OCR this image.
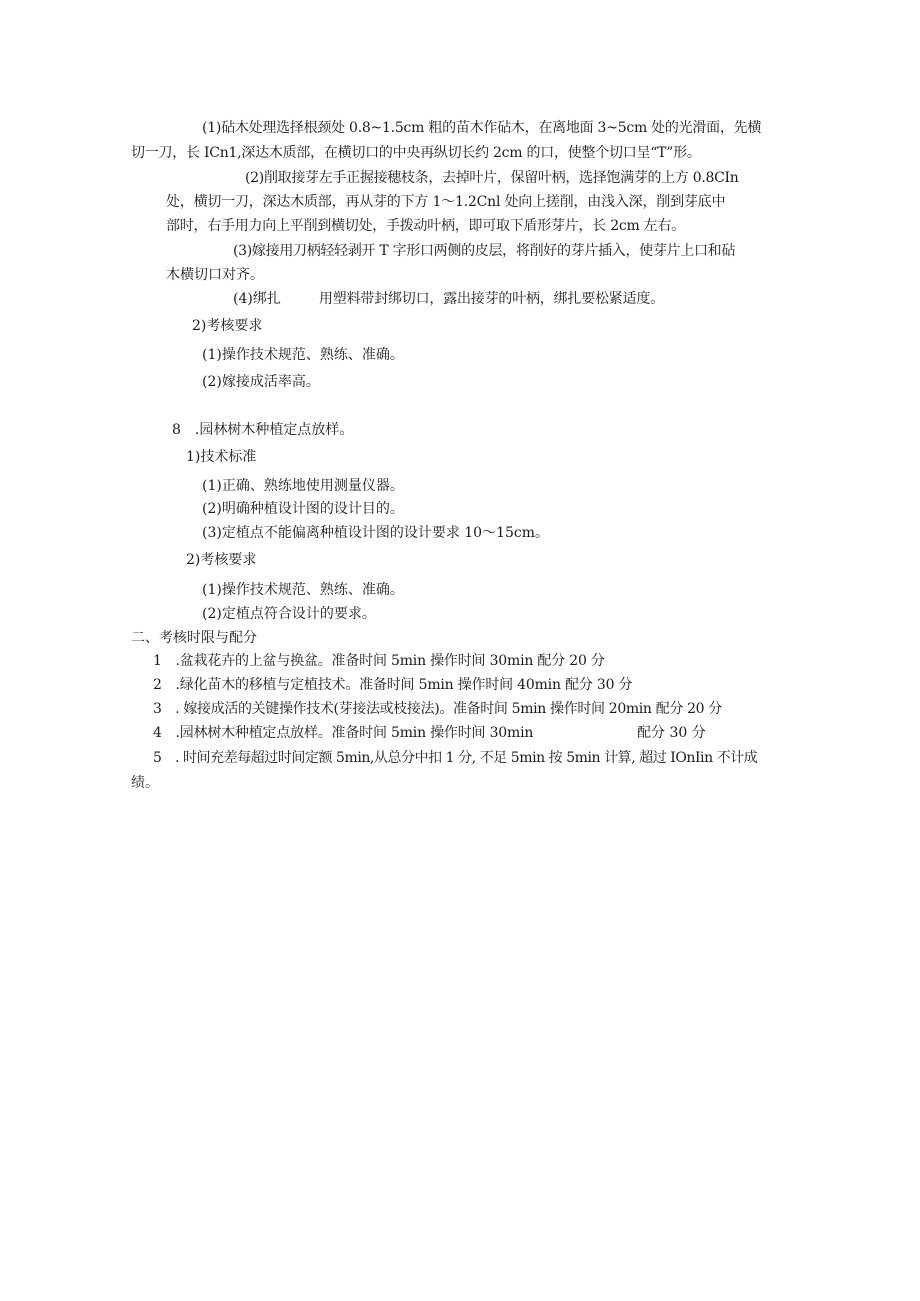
(1)砧木处理选择根颈处 0.8~1.5cm 粗的苗木作砧木，在离地面 3~5cm 处的光滑面，先横
切一刀，长 ICn1,深达木质部，在横切口的中央再纵切长约 2cm 的口，使整个切口呈“T”形。
(2)削取接芽左手正握接穗枝条，去掉叶片，保留叶柄，选择饱满芽的上方 0.8CIn
处，横切一刀，深达木质部，再从芽的下方 1～1.2Cnl 处向上搓削，由浅入深，削到芽底中
部时，右手用力向上平削到横切处，手拨动叶柄，即可取下盾形芽片，长 2cm 左右。
(3)嫁接用刀柄轻轻剥开 T 字形口两侧的皮层，将削好的芽片插入，使芽片上口和砧
木横切口对齐。
(4)绑扎	用塑料带封绑切口，露出接芽的叶柄，绑扎要松紧适度。
2)考核要求
(1)操作技术规范、熟练、准确。
(2)嫁接成活率高。
8　.园林树木种植定点放样。
1)技术标准
(1)正确、熟练地使用测量仪器。
(2)明确种植设计图的设计目的。
(3)定植点不能偏离种植设计图的设计要求 10～15cm。
2)考核要求
(1)操作技术规范、熟练、准确。
(2)定植点符合设计的要求。
二、考核时限与配分
1　.盆栽花卉的上盆与换盆。准备时间 5min 操作时间 30min 配分 20 分
2　.绿化苗木的移植与定植技术。准备时间 5min 操作时间 40min 配分 30 分
3　. 嫁接成活的关键操作技术(芽接法或枝接法)。准备时间 5min 操作时间 20min 配分 20 分
4　.园林树木种植定点放样。准备时间 5min 操作时间 30min	配分 30 分
5　. 时间充差每超过时间定额 5min,从总分中扣 1 分, 不足 5min 按 5min 计算, 超过 IOnIin 不计成
绩。
